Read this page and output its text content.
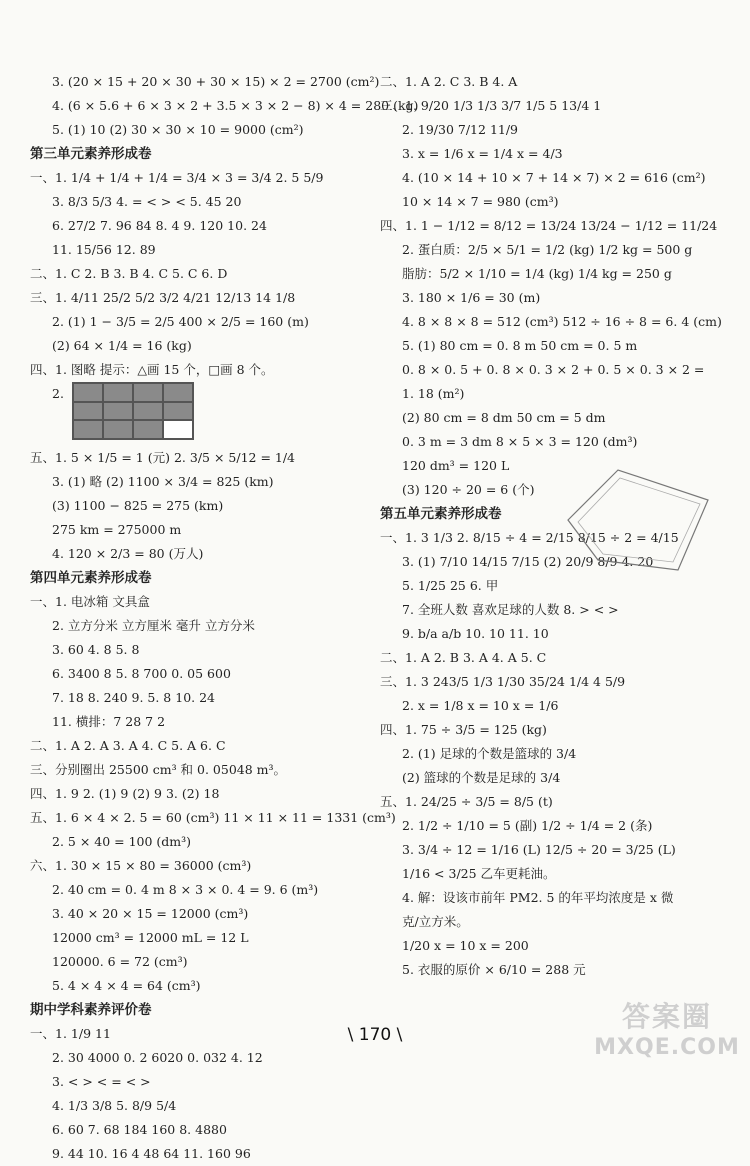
3. (20 × 15 + 20 × 30 + 30 × 15) × 2 = 2700 (cm²)
4. (6 × 5.6 + 6 × 3 × 2 + 3.5 × 3 × 2 − 8) × 4 = 280 (kg)
5. (1) 10 (2) 30 × 30 × 10 = 9000 (cm²)
第三单元素养形成卷
一、1. 1/4 + 1/4 + 1/4 = 3/4 × 3 = 3/4 2. 5 5/9
3. 8/3 5/3 4. = < > < 5. 45 20
6. 27/2 7. 96 84 8. 4 9. 120 10. 24
11. 15/56 12. 89
二、1. C 2. B 3. B 4. C 5. C 6. D
三、1. 4/11 25/2 5/2 3/2 4/21 12/13 14 1/8
2. (1) 1 − 3/5 = 2/5 400 × 2/5 = 160 (m)
(2) 64 × 1/4 = 16 (kg)
四、1. 图略 提示：△画 15 个，□画 8 个。
2.
五、1. 5 × 1/5 = 1 (元) 2. 3/5 × 5/12 = 1/4
3. (1) 略 (2) 1100 × 3/4 = 825 (km)
(3) 1100 − 825 = 275 (km)
275 km = 275000 m
4. 120 × 2/3 = 80 (万人)
第四单元素养形成卷
一、1. 电冰箱 文具盒
2. 立方分米 立方厘米 毫升 立方分米
3. 60 4. 8 5. 8
6. 3400 8 5. 8 700 0. 05 600
7. 18 8. 240 9. 5. 8 10. 24
11. 横排：7 28 7 2
二、1. A 2. A 3. A 4. C 5. A 6. C
三、分别圈出 25500 cm³ 和 0. 05048 m³。
四、1. 9 2. (1) 9 (2) 9 3. (2) 18
五、1. 6 × 4 × 2. 5 = 60 (cm³) 11 × 11 × 11 = 1331 (cm³)
2. 5 × 40 = 100 (dm³)
六、1. 30 × 15 × 80 = 36000 (cm³)
2. 40 cm = 0. 4 m 8 × 3 × 0. 4 = 9. 6 (m³)
3. 40 × 20 × 15 = 12000 (cm³)
12000 cm³ = 12000 mL = 12 L
120000. 6 = 72 (cm³)
5. 4 × 4 × 4 = 64 (cm³)
期中学科素养评价卷
一、1. 1/9 11
2. 30 4000 0. 2 6020 0. 032 4. 12
3. < > < = < >
4. 1/3 3/8 5. 8/9 5/4
6. 60 7. 68 184 160 8. 4880
9. 44 10. 16 4 48 64 11. 160 96
二、1. A 2. C 3. B 4. A
三、1. 9/20 1/3 1/3 3/7 1/5 5 13/4 1
2. 19/30 7/12 11/9
3. x = 1/6 x = 1/4 x = 4/3
4. (10 × 14 + 10 × 7 + 14 × 7) × 2 = 616 (cm²)
10 × 14 × 7 = 980 (cm³)
四、1. 1 − 1/12 = 8/12 = 13/24 13/24 − 1/12 = 11/24
2. 蛋白质：2/5 × 5/1 = 1/2 (kg) 1/2 kg = 500 g
脂肪：5/2 × 1/10 = 1/4 (kg) 1/4 kg = 250 g
3. 180 × 1/6 = 30 (m)
4. 8 × 8 × 8 = 512 (cm³) 512 ÷ 16 ÷ 8 = 6. 4 (cm)
5. (1) 80 cm = 0. 8 m 50 cm = 0. 5 m
0. 8 × 0. 5 + 0. 8 × 0. 3 × 2 + 0. 5 × 0. 3 × 2 =
1. 18 (m²)
(2) 80 cm = 8 dm 50 cm = 5 dm
0. 3 m = 3 dm 8 × 5 × 3 = 120 (dm³)
120 dm³ = 120 L
(3) 120 ÷ 20 = 6 (个)
第五单元素养形成卷
一、1. 3 1/3 2. 8/15 ÷ 4 = 2/15 8/15 ÷ 2 = 4/15
3. (1) 7/10 14/15 7/15 (2) 20/9 8/9 4. 20
5. 1/25 25 6. 甲
7. 全班人数 喜欢足球的人数 8. > < >
9. b/a a/b 10. 10 11. 10
二、1. A 2. B 3. A 4. A 5. C
三、1. 3 243/5 1/3 1/30 35/24 1/4 4 5/9
2. x = 1/8 x = 10 x = 1/6
四、1. 75 ÷ 3/5 = 125 (kg)
2. (1) 足球的个数是篮球的 3/4
(2) 篮球的个数是足球的 3/4
五、1. 24/25 ÷ 3/5 = 8/5 (t)
2. 1/2 ÷ 1/10 = 5 (副) 1/2 ÷ 1/4 = 2 (条)
3. 3/4 ÷ 12 = 1/16 (L) 12/5 ÷ 20 = 3/25 (L)
1/16 < 3/25 乙车更耗油。
4. 解：设该市前年 PM2. 5 的年平均浓度是 x 微
克/立方米。
1/20 x = 10 x = 200
5. 衣服的原价 × 6/10 = 288 元
\ 170 \
答案圈
MXQE.COM
